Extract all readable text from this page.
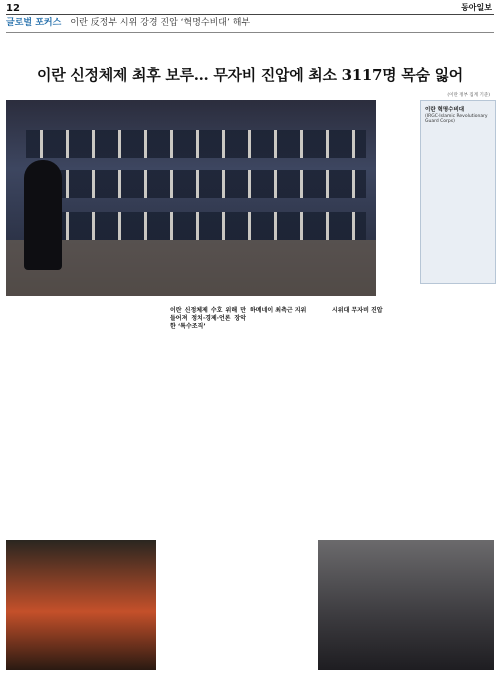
12	동아일보
글로벌 포커스 이란 反정부 시위 강경 진압 ‘혁명수비대’ 해부
이란 신정체제 최후 보루… 무자비 진압에 최소 3117명 목숨 잃어
(이란 정부 집계 기준)
이란 혁명수비대
(IRGC·Islamic Revolutionary Guard Corps)
이란 신정체제 수호 위해 만들어져 정치·경제·언론 장악한 ‘특수조직’
하메네이 최측근 지위	시위대 무자비 진압
